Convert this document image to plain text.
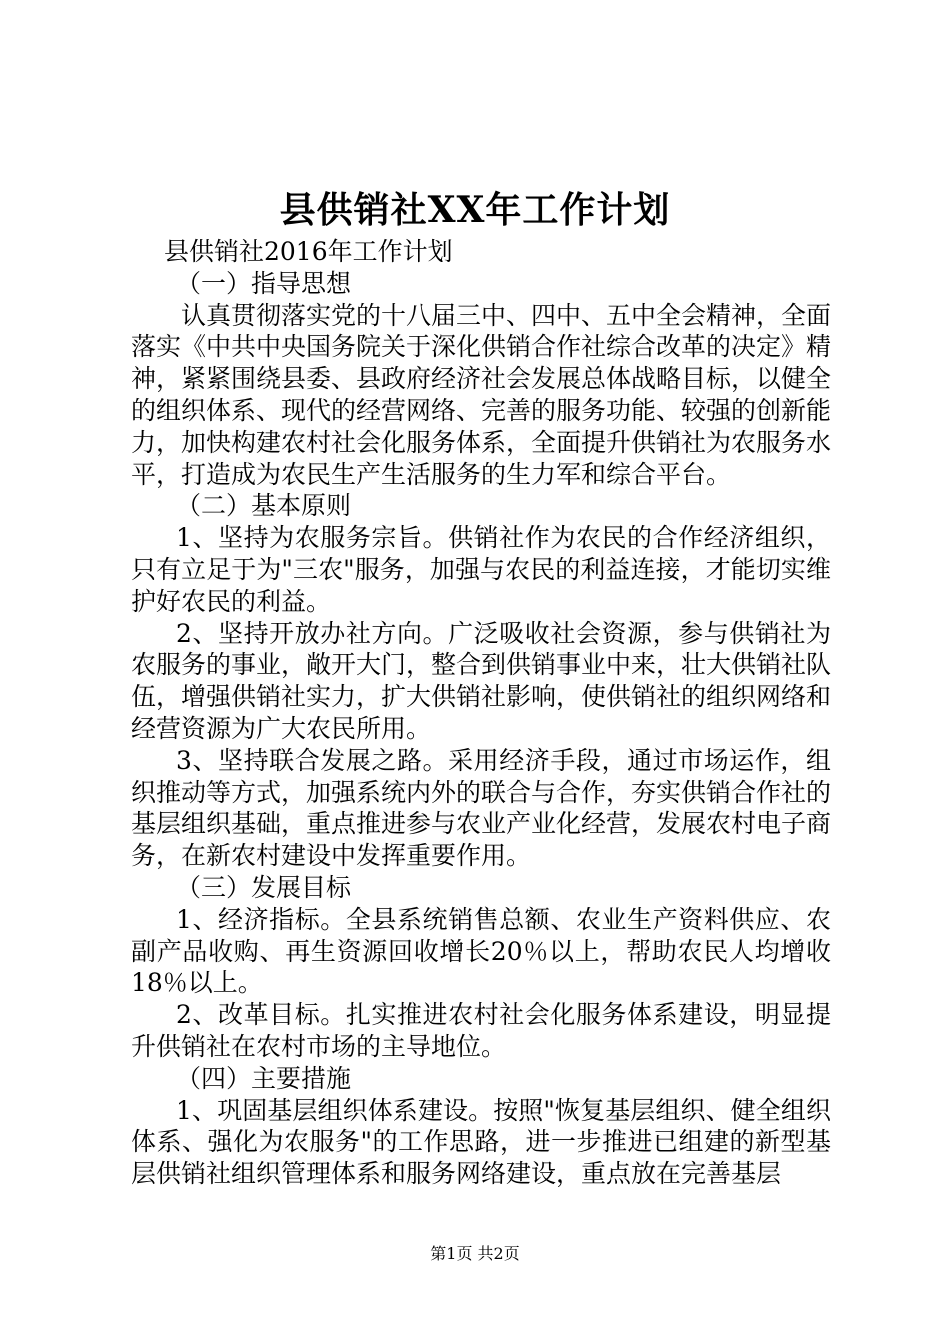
县供销社XX年工作计划

县供销社2016年工作计划

（一）指导思想

认真贯彻落实党的十八届三中、四中、五中全会精神，全面落实《中共中央国务院关于深化供销合作社综合改革的决定》精神，紧紧围绕县委、县政府经济社会发展总体战略目标，以健全的组织体系、现代的经营网络、完善的服务功能、较强的创新能力，加快构建农村社会化服务体系，全面提升供销社为农服务水平，打造成为农民生产生活服务的生力军和综合平台。

（二）基本原则

1、坚持为农服务宗旨。供销社作为农民的合作经济组织，只有立足于为"三农"服务，加强与农民的利益连接，才能切实维护好农民的利益。

2、坚持开放办社方向。广泛吸收社会资源，参与供销社为农服务的事业，敞开大门，整合到供销事业中来，壮大供销社队伍，增强供销社实力，扩大供销社影响，使供销社的组织网络和经营资源为广大农民所用。

3、坚持联合发展之路。采用经济手段，通过市场运作，组织推动等方式，加强系统内外的联合与合作，夯实供销合作社的基层组织基础，重点推进参与农业产业化经营，发展农村电子商务，在新农村建设中发挥重要作用。

（三）发展目标

1、经济指标。全县系统销售总额、农业生产资料供应、农副产品收购、再生资源回收增长20％以上，帮助农民人均增收18％以上。

2、改革目标。扎实推进农村社会化服务体系建设，明显提升供销社在农村市场的主导地位。

（四）主要措施

1、巩固基层组织体系建设。按照"恢复基层组织、健全组织体系、强化为农服务"的工作思路，进一步推进已组建的新型基层供销社组织管理体系和服务网络建设，重点放在完善基层

第1页 共2页
